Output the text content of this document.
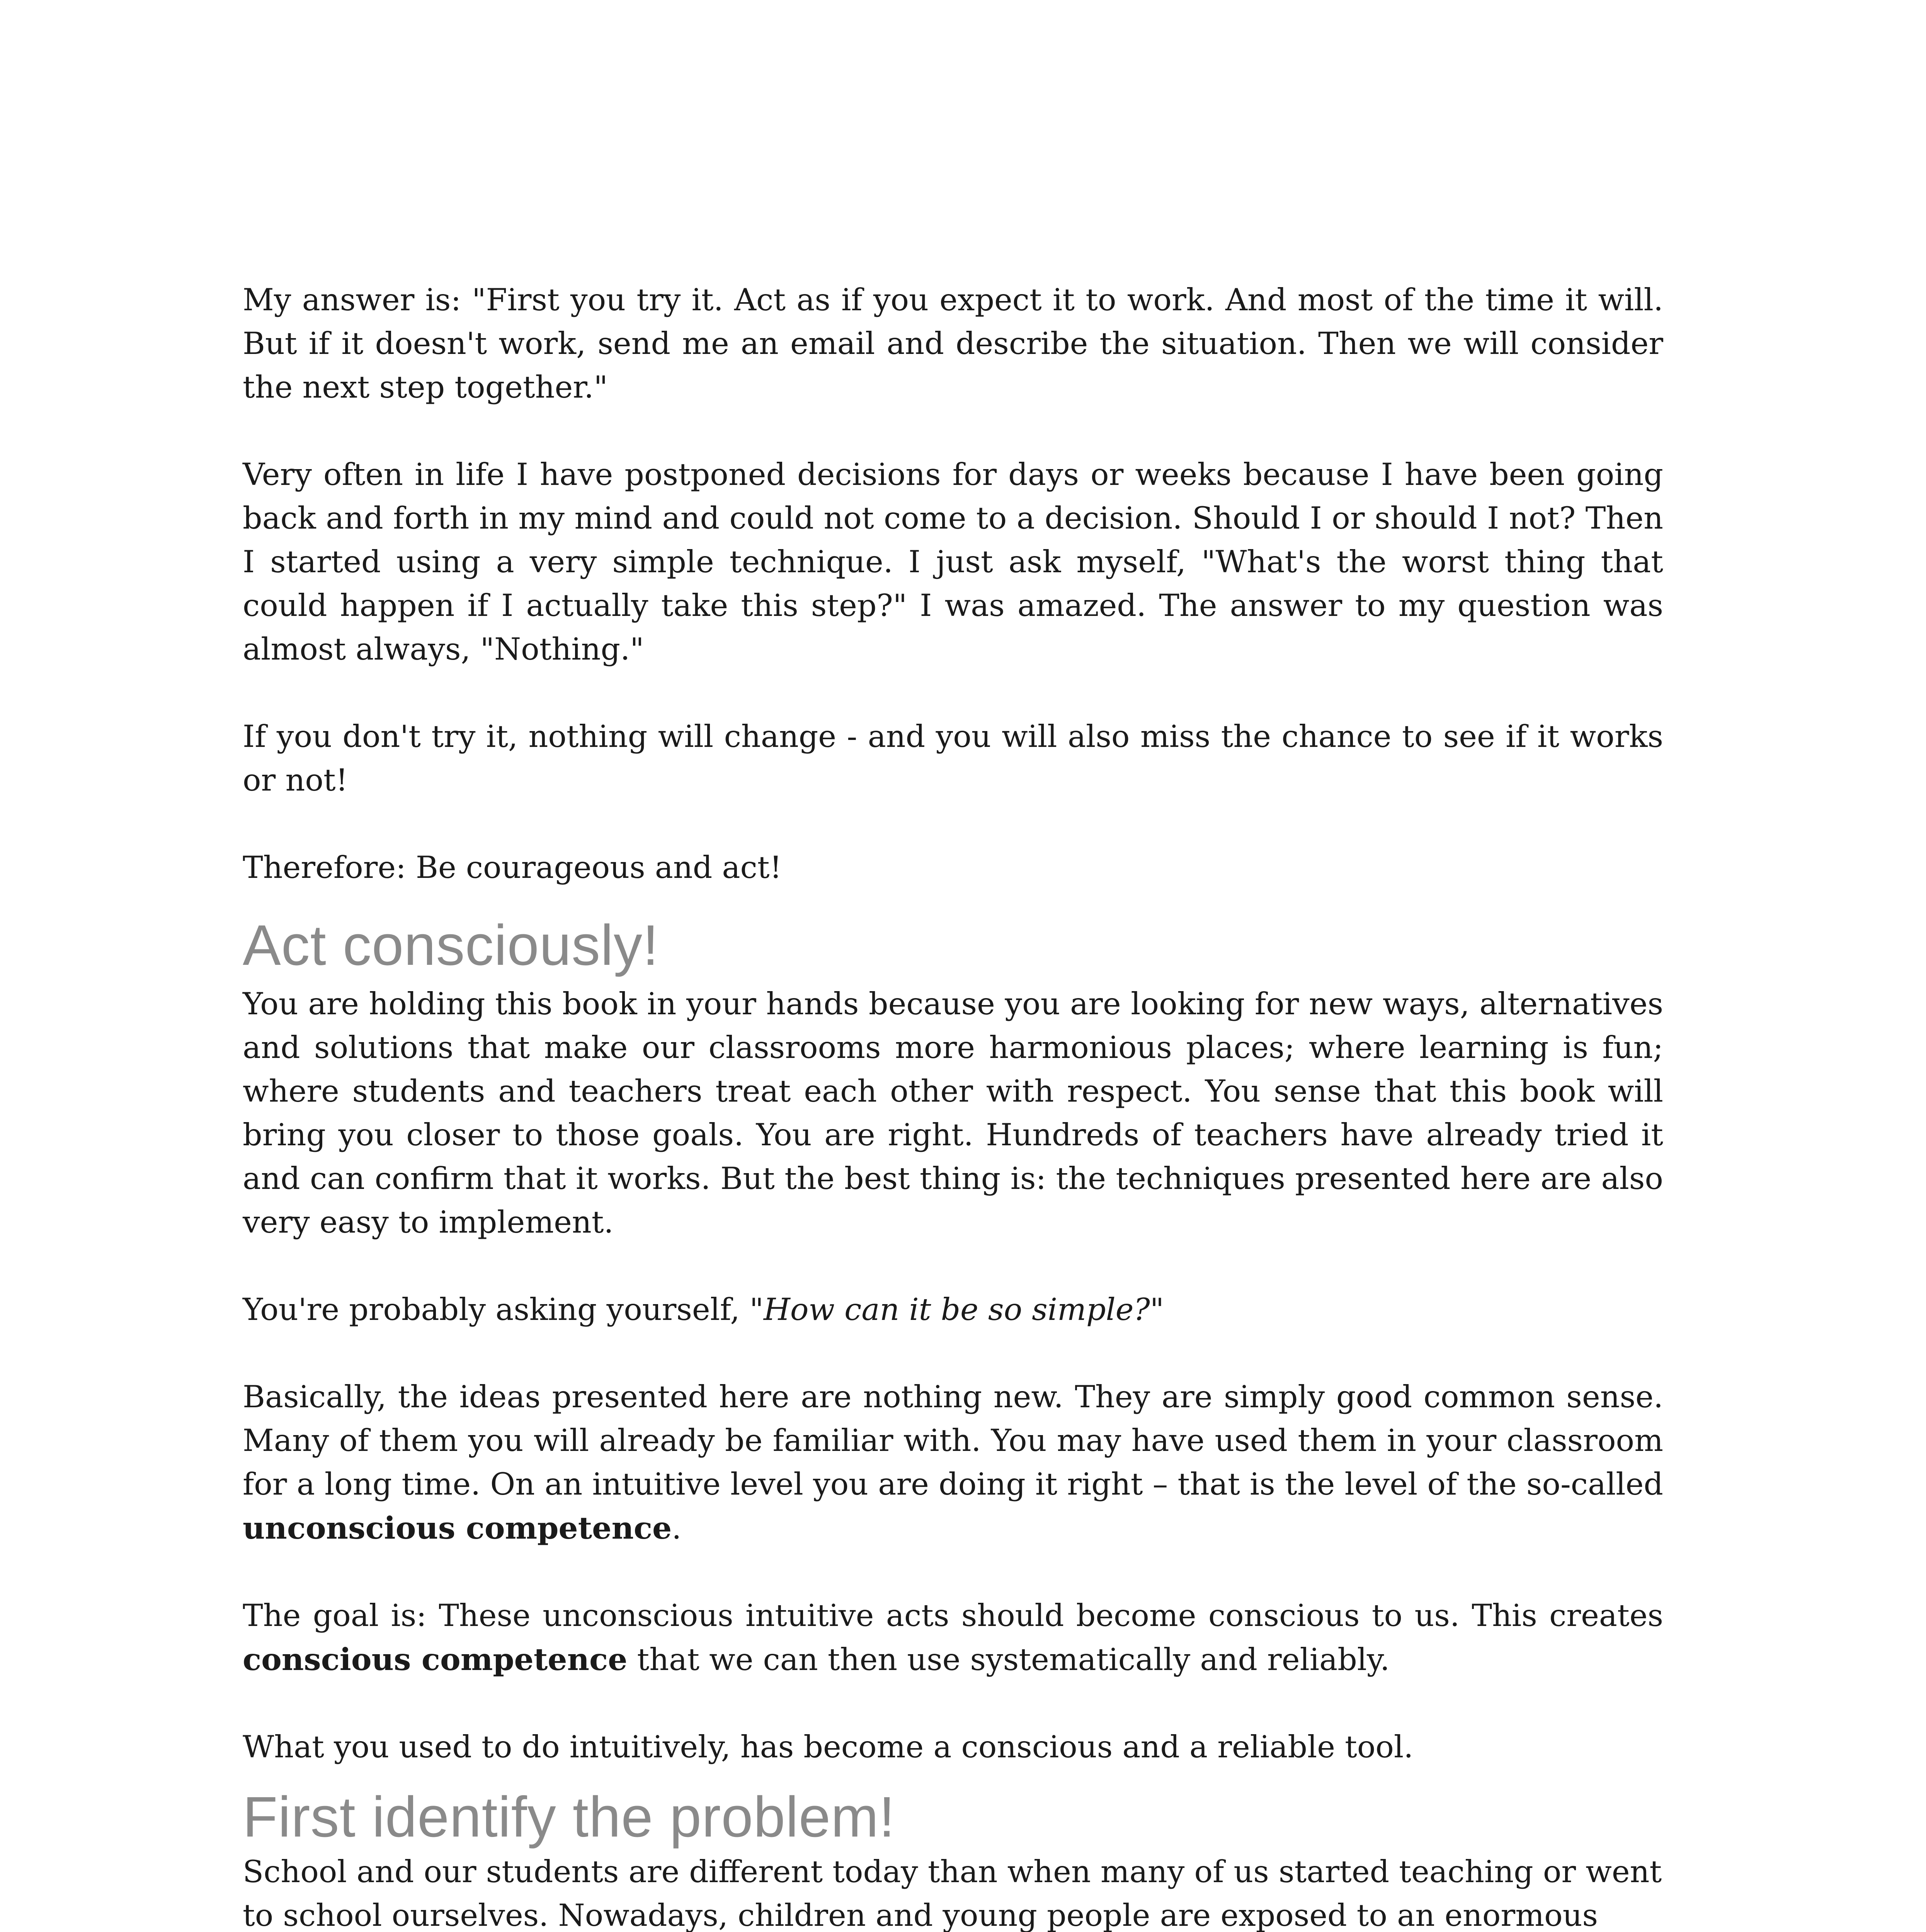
My answer is: "First you try it. Act as if you expect it to work. And most of the time it will. But if it doesn't work, send me an email and describe the situation. Then we will consider the next step together."

Very often in life I have postponed decisions for days or weeks because I have been going back and forth in my mind and could not come to a decision. Should I or should I not? Then I started using a very simple technique. I just ask myself, "What's the worst thing that could happen if I actually take this step?" I was amazed. The answer to my question was almost always, "Nothing."

If you don't try it, nothing will change - and you will also miss the chance to see if it works or not!

Therefore: Be courageous and act!

Act consciously!

You are holding this book in your hands because you are looking for new ways, alternatives and solutions that make our classrooms more harmonious places; where learning is fun; where students and teachers treat each other with respect. You sense that this book will bring you closer to those goals. You are right. Hundreds of teachers have already tried it and can confirm that it works. But the best thing is: the techniques presented here are also very easy to implement.

You're probably asking yourself, "How can it be so simple?"

Basically, the ideas presented here are nothing new. They are simply good common sense. Many of them you will already be familiar with. You may have used them in your classroom for a long time. On an intuitive level you are doing it right – that is the level of the so-called unconscious competence.

The goal is: These unconscious intuitive acts should become conscious to us. This creates conscious competence that we can then use systematically and reliably.

What you used to do intuitively, has become a conscious and a reliable tool.

First identify the problem!

School and our students are different today than when many of us started teaching or went to school ourselves. Nowadays, children and young people are exposed to an enormous
